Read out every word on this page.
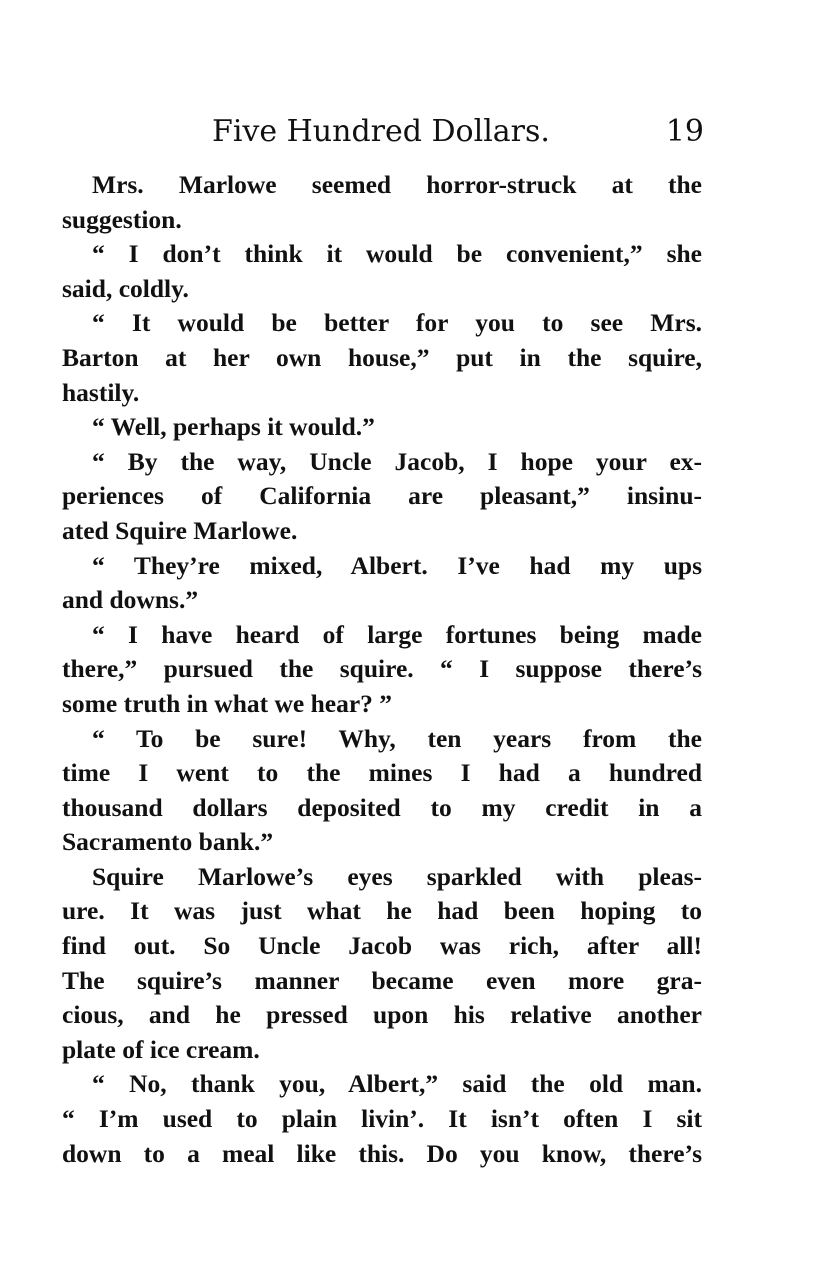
Five Hundred Dollars.	19
Mrs. Marlowe seemed horror-struck at the
suggestion.
“ I don’t think it would be convenient,” she
said, coldly.
“ It would be better for you to see Mrs.
Barton at her own house,” put in the squire,
hastily.
“ Well, perhaps it would.”
“ By the way, Uncle Jacob, I hope your ex-
periences of California are pleasant,” insinu-
ated Squire Marlowe.
“ They’re mixed, Albert. I’ve had my ups
and downs.”
“ I have heard of large fortunes being made
there,” pursued the squire. “ I suppose there’s
some truth in what we hear? ”
“ To be sure! Why, ten years from the
time I went to the mines I had a hundred
thousand dollars deposited to my credit in a
Sacramento bank.”
Squire Marlowe’s eyes sparkled with pleas-
ure. It was just what he had been hoping to
find out. So Uncle Jacob was rich, after all!
The squire’s manner became even more gra-
cious, and he pressed upon his relative another
plate of ice cream.
“ No, thank you, Albert,” said the old man.
“ I’m used to plain livin’. It isn’t often I sit
down to a meal like this. Do you know, there’s
